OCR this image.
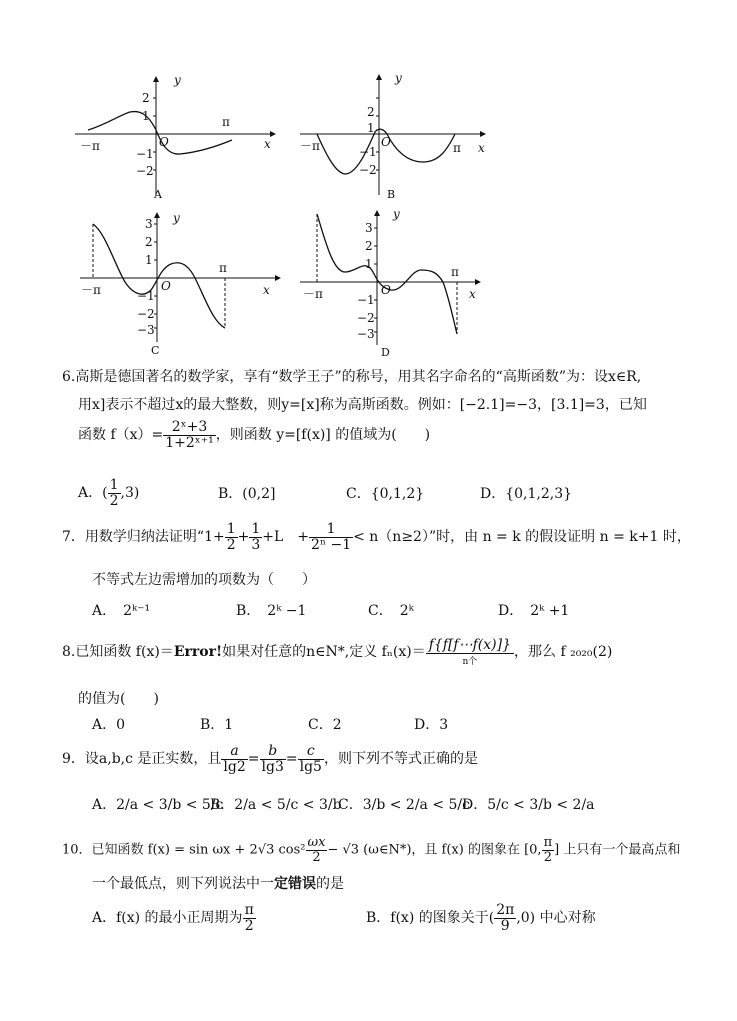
y
x
O
－π
π
2
1
−1
−2
A
y
x
O
－π	π
2
1
−1
−2
B
y
x
O
－π
π
3
2
1
−1
−2
−3
C
y
x
O
－π
π
3
2
1
−1
−2
−3
D
6.高斯是德国著名的数学家，享有“数学王子”的称号，用其名字命名的“高斯函数”为：设x∈R,
用x]表示不超过x的最大整数，则y=[x]称为高斯函数。例如：[−2.1]=−3，[3.1]=3，已知
函数 $f(x)= \frac{\text{2ˣ+3}}{\text{1+2ˣ⁺¹}}$ ，则函数 y=[f(x)] 的值域为(　　)
A．( $\frac{1}{2} ,3$)	B．(0,2]	C．{0,1,2}	D．{0,1,2,3}
7．用数学归纳法证明“$1+ \frac{1}{2} + \frac{1}{3} +L$　+ $\frac{1}{\text{2ⁿ −1}} < n(n\ge 2)$”时，由 n = k 的假设证明 n = k+1 时，
不等式左边需增加的项数为（　　）
A．　2ᵏ⁻¹	B．　2ᵏ −1	C．　2ᵏ	D．　2ᵏ +1
8.已知函数 f(x)＝Error!如果对任意的n∈N*,定义 fₙ(x)＝ f{f[f⋯f(x)]}
n个
，那么 f ₂₀₂₀(2)
的值为(　　)
A．0	B．1	C．2	D．3
9．设a,b,c 是正实数，且 $\frac{a}{\lg 2} = \frac{b}{\lg 3} = \frac{c}{\lg 5}$ ，则下列不等式正确的是
A．2/a < 3/b < 5/c
B．2/a < 5/c < 3/b
C．3/b < 2/a < 5/c
D．5/c < 3/b < 2/a
10．已知函数 f(x) = sin ωx + 2√3 $\cos^2 \frac{\omega x}{2} - √3$ (ω∈N*)，且 f(x) 的图象在 [0, $\frac{\pi}{2}$ ] 上只有一个最高点和
一个最低点，则下列说法中一定错误的是
A．f(x) 的最小正周期为 $\frac{\pi}{2}$	B．f(x) 的图象关于( $\frac{2\pi}{9} ,0$) 中心对称
